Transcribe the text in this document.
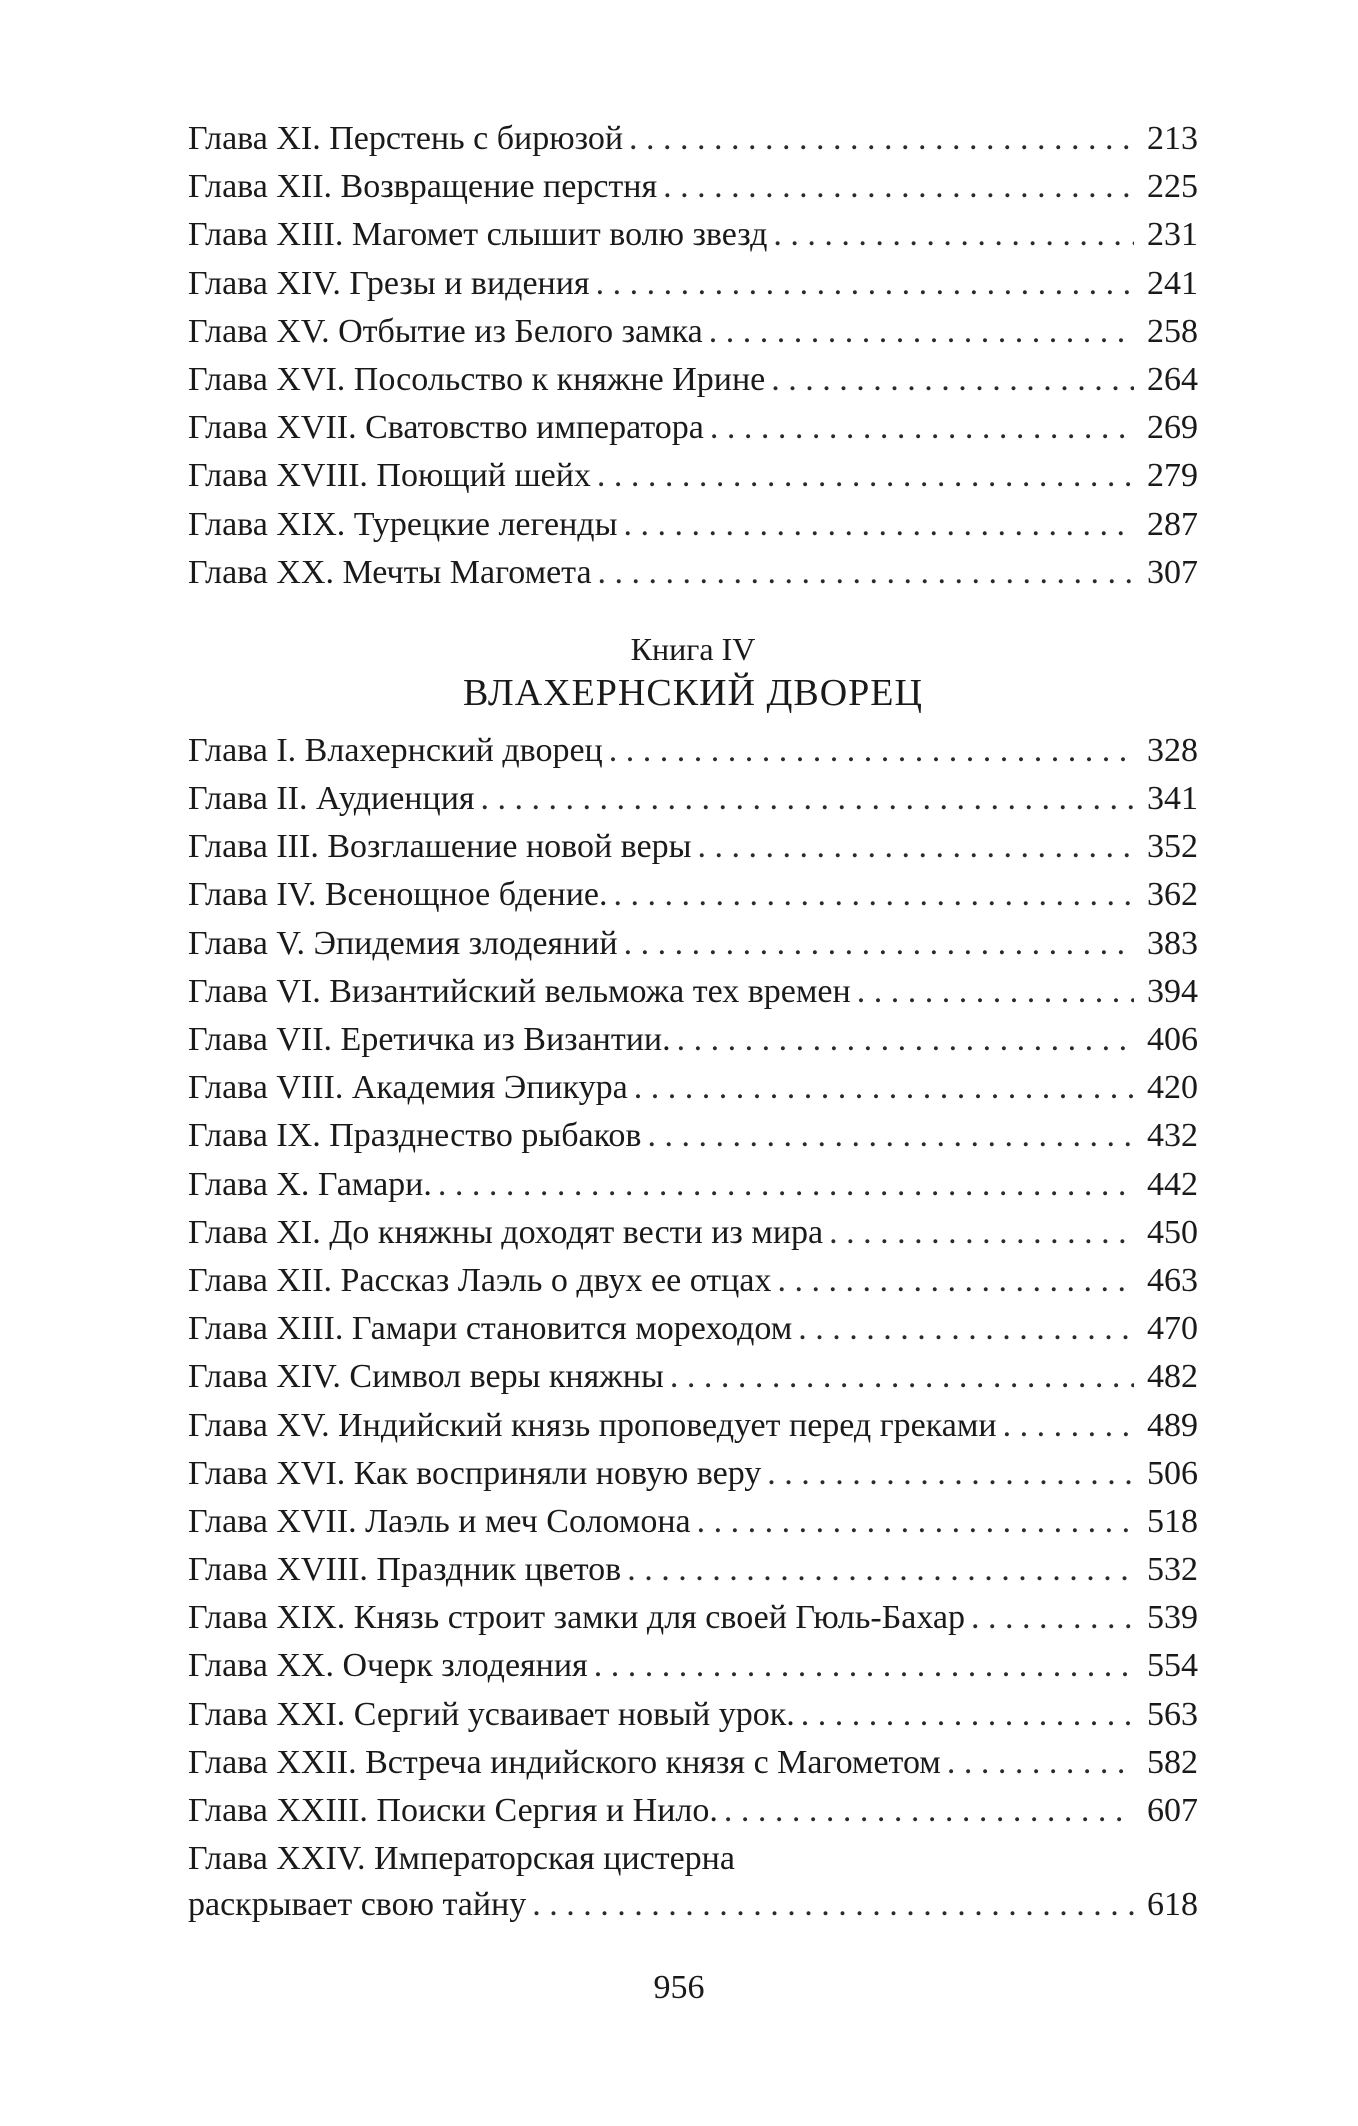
Глава XI. Перстень с бирюзой . . .	213
Глава XII. Возвращение перстня . . .	225
Глава XIII. Магомет слышит волю звезд . . .	231
Глава XIV. Грезы и видения . . .	241
Глава XV. Отбытие из Белого замка . . .	258
Глава XVI. Посольство к княжне Ирине . . .	264
Глава XVII. Сватовство императора . . .	269
Глава XVIII. Поющий шейх . . .	279
Глава XIX. Турецкие легенды . . .	287
Глава XX. Мечты Магомета . . .	307
Книга IV
ВЛАХЕРНСКИЙ ДВОРЕЦ
Глава I. Влахернский дворец . . .	328
Глава II. Аудиенция . . .	341
Глава III. Возглашение новой веры . . .	352
Глава IV. Всенощное бдение. . . .	362
Глава V. Эпидемия злодеяний . . .	383
Глава VI. Византийский вельможа тех времен . . .	394
Глава VII. Еретичка из Византии. . . .	406
Глава VIII. Академия Эпикура . . .	420
Глава IX. Празднество рыбаков . . .	432
Глава X. Гамари. . . .	442
Глава XI. До княжны доходят вести из мира . . .	450
Глава XII. Рассказ Лаэль о двух ее отцах . . .	463
Глава XIII. Гамари становится мореходом . . .	470
Глава XIV. Символ веры княжны . . .	482
Глава XV. Индийский князь проповедует перед греками . . .	489
Глава XVI. Как восприняли новую веру . . .	506
Глава XVII. Лаэль и меч Соломона . . .	518
Глава XVIII. Праздник цветов . . .	532
Глава XIX. Князь строит замки для своей Гюль-Бахар . . .	539
Глава XX. Очерк злодеяния . . .	554
Глава XXI. Сергий усваивает новый урок. . . .	563
Глава XXII. Встреча индийского князя с Магометом . . .	582
Глава XXIII. Поиски Сергия и Нило. . . .	607
Глава XXIV. Императорская цистерна
раскрывает свою тайну . . .	618
956
